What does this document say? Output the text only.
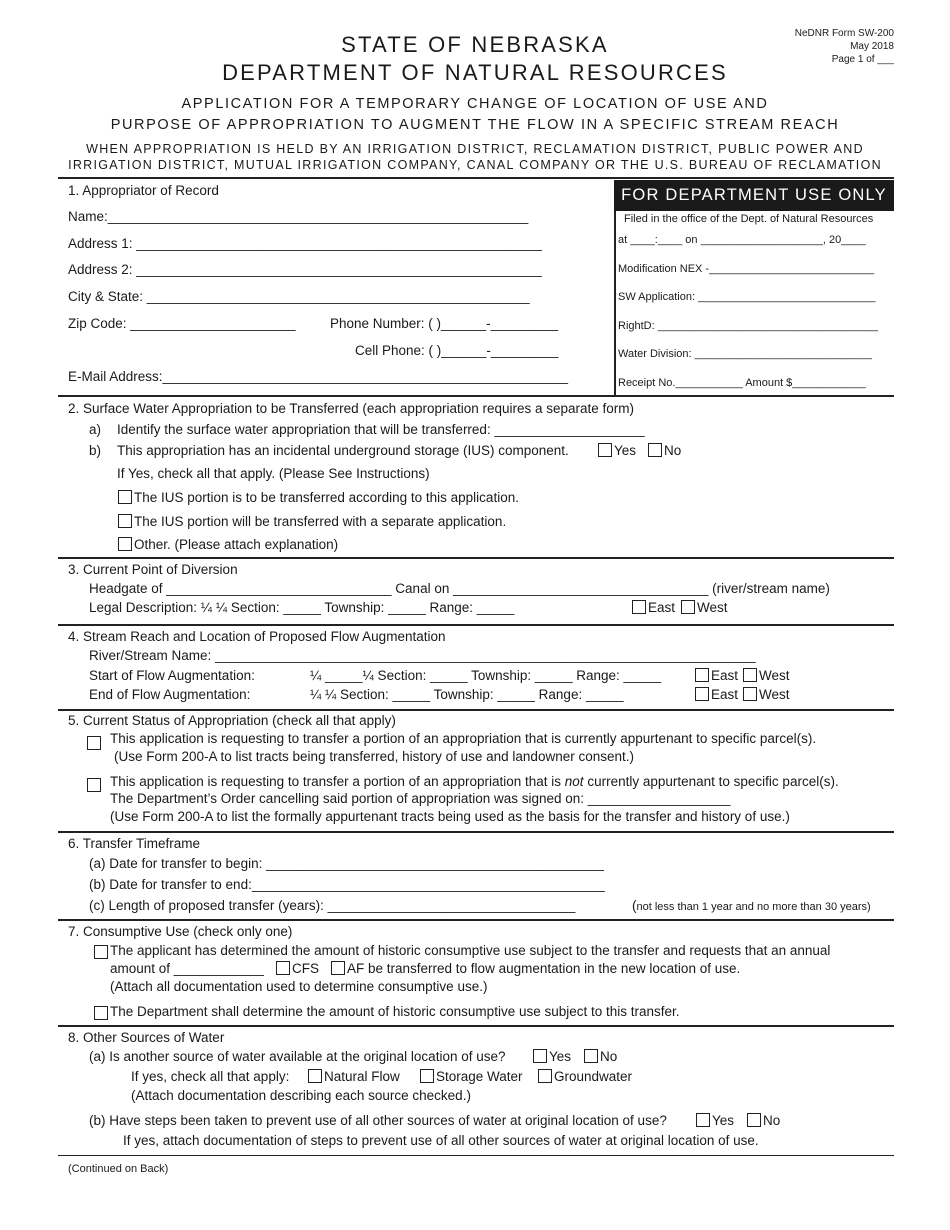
NeDNR Form SW-200
May 2018
Page 1 of ___
STATE OF NEBRASKA
DEPARTMENT OF NATURAL RESOURCES
APPLICATION FOR A TEMPORARY CHANGE OF LOCATION OF USE AND
PURPOSE OF APPROPRIATION TO AUGMENT THE FLOW IN A SPECIFIC STREAM REACH
WHEN APPROPRIATION IS HELD BY AN IRRIGATION DISTRICT, RECLAMATION DISTRICT, PUBLIC POWER AND
IRRIGATION DISTRICT, MUTUAL IRRIGATION COMPANY, CANAL COMPANY OR THE U.S. BUREAU OF RECLAMATION
1. Appropriator of Record
Name:________________________________________________________
Address 1: ______________________________________________________
Address 2: ______________________________________________________
City & State: ___________________________________________________
Zip Code: ______________________	Phone Number: ( )______-_________
Cell Phone: ( )______-_________
E-Mail Address:______________________________________________________
FOR DEPARTMENT USE ONLY
Filed in the office of the Dept. of Natural Resources
at ____:____ on ____________________, 20____
Modification NEX -___________________________
SW Application: _____________________________
RightD: ____________________________________
Water Division: _____________________________
Receipt No.___________ Amount $____________
2. Surface Water Appropriation to be Transferred (each appropriation requires a separate form)
a) Identify the surface water appropriation that will be transferred: ____________________
b) This appropriation has an incidental underground storage (IUS) component.	Yes	No
If Yes, check all that apply. (Please See Instructions)
The IUS portion is to be transferred according to this application.
The IUS portion will be transferred with a separate application.
Other. (Please attach explanation)
3. Current Point of Diversion
Headgate of ______________________________ Canal on __________________________________ (river/stream name)
Legal Description: ¼ ¼ Section: _____ Township: _____ Range: _____	East	West
4. Stream Reach and Location of Proposed Flow Augmentation
River/Stream Name: ________________________________________________________________________
Start of Flow Augmentation:	¼ _____¼ Section: _____ Township: _____ Range: _____	East	West
End of Flow Augmentation:	¼ ¼ Section: _____ Township: _____ Range: _____	East	West
5. Current Status of Appropriation (check all that apply)
This application is requesting to transfer a portion of an appropriation that is currently appurtenant to specific parcel(s).
(Use Form 200-A to list tracts being transferred, history of use and landowner consent.)
This application is requesting to transfer a portion of an appropriation that is not currently appurtenant to specific parcel(s).
The Department’s Order cancelling said portion of appropriation was signed on: ___________________
(Use Form 200-A to list the formally appurtenant tracts being used as the basis for the transfer and history of use.)
6. Transfer Timeframe
(a) Date for transfer to begin: _____________________________________________
(b) Date for transfer to end:_______________________________________________
(c) Length of proposed transfer (years): _________________________________	(not less than 1 year and no more than 30 years)
7. Consumptive Use (check only one)
The applicant has determined the amount of historic consumptive use subject to the transfer and requests that an annual
amount of ____________	CFS	AF be transferred to flow augmentation in the new location of use.
(Attach all documentation used to determine consumptive use.)
The Department shall determine the amount of historic consumptive use subject to this transfer.
8. Other Sources of Water
(a) Is another source of water available at the original location of use?	Yes	No
If yes, check all that apply:	Natural Flow	Storage Water	Groundwater
(Attach documentation describing each source checked.)
(b) Have steps been taken to prevent use of all other sources of water at original location of use?	Yes	No
If yes, attach documentation of steps to prevent use of all other sources of water at original location of use.
(Continued on Back)
